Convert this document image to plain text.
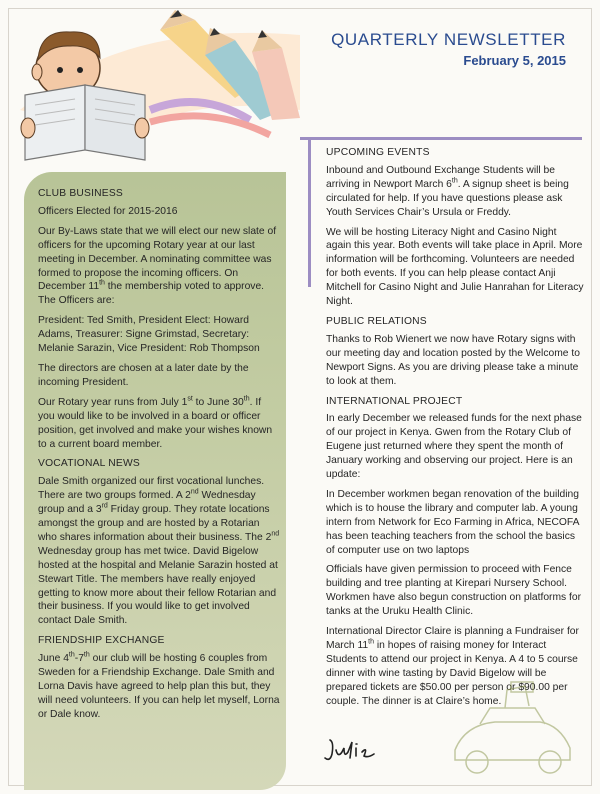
QUARTERLY NEWSLETTER
February 5, 2015
CLUB BUSINESS

Officers Elected for 2015-2016

Our By-Laws state that we will elect our new slate of officers for the upcoming Rotary year at our last meeting in December. A nominating committee was formed to propose the incoming officers. On December 11th the membership voted to approve. The Officers are:

President: Ted Smith, President Elect: Howard Adams, Treasurer: Signe Grimstad, Secretary: Melanie Sarazin, Vice President: Rob Thompson

The directors are chosen at a later date by the incoming President.

Our Rotary year runs from July 1st to June 30th. If you would like to be involved in a board or officer position, get involved and make your wishes known to a current board member.

VOCATIONAL NEWS

Dale Smith organized our first vocational lunches. There are two groups formed. A 2nd Wednesday group and a 3rd Friday group. They rotate locations amongst the group and are hosted by a Rotarian who shares information about their business. The 2nd Wednesday group has met twice. David Bigelow hosted at the hospital and Melanie Sarazin hosted at Stewart Title. The members have really enjoyed getting to know more about their fellow Rotarian and their business. If you would like to get involved contact Dale Smith.

FRIENDSHIP EXCHANGE

June 4th-7th our club will be hosting 6 couples from Sweden for a Friendship Exchange. Dale Smith and Lorna Davis have agreed to help plan this but, they will need volunteers. If you can help let myself, Lorna or Dale know.

UPCOMING EVENTS

Inbound and Outbound Exchange Students will be arriving in Newport March 6th. A signup sheet is being circulated for help. If you have questions please ask Youth Services Chair’s Ursula or Freddy.

We will be hosting Literacy Night and Casino Night again this year. Both events will take place in April. More information will be forthcoming. Volunteers are needed for both events. If you can help please contact Anji Mitchell for Casino Night and Julie Hanrahan for Literacy Night.

PUBLIC RELATIONS

Thanks to Rob Wienert we now have Rotary signs with our meeting day and location posted by the Welcome to Newport Signs. As you are driving please take a minute to look at them.

INTERNATIONAL PROJECT

In early December we released funds for the next phase of our project in Kenya. Gwen from the Rotary Club of Eugene just returned where they spent the month of January working and observing our project. Here is an update:

In December workmen began renovation of the building which is to house the library and computer lab. A young intern from Network for Eco Farming in Africa, NECOFA has been teaching teachers from the school the basics of computer use on two laptops

Officials have given permission to proceed with Fence building and tree planting at Kirepari Nursery School. Workmen have also begun construction on platforms for tanks at the Uruku Health Clinic.

International Director Claire is planning a Fundraiser for March 11th in hopes of raising money for Interact Students to attend our project in Kenya. A 4 to 5 course dinner with wine tasting by David Bigelow will be prepared tickets are $50.00 per person or $90.00 per couple. The dinner is at Claire’s home.
